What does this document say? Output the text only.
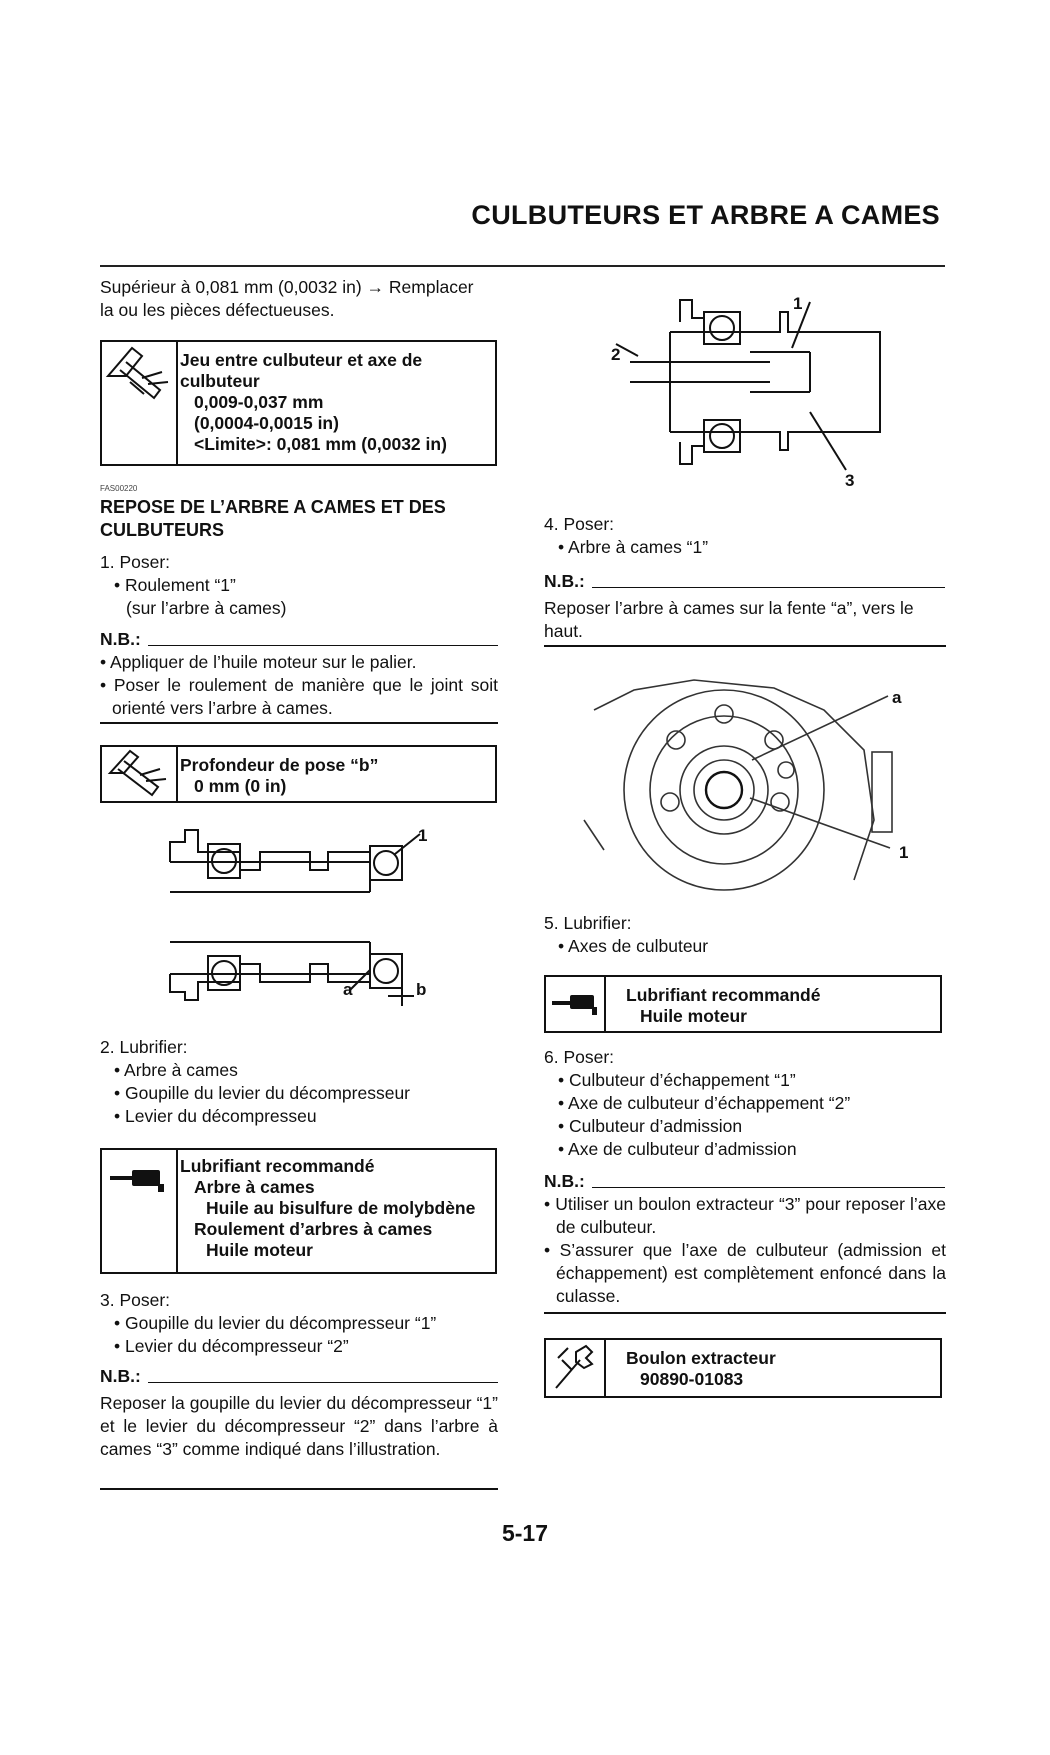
CULBUTEURS ET ARBRE A CAMES

Supérieur à 0,081 mm (0,0032 in) → Remplacer

la ou les pièces défectueuses.

Jeu entre culbuteur et axe de

culbuteur

0,009-0,037 mm

(0,0004-0,0015 in)

<Limite>: 0,081 mm (0,0032 in)

FAS00220

REPOSE DE L’ARBRE A CAMES ET DES

CULBUTEURS

1. Poser:

• Roulement “1”

(sur l’arbre à cames)

N.B.:

• Appliquer de l’huile moteur sur le palier.

• Poser le roulement de manière que le joint soit orienté vers l’arbre à cames.

Profondeur de pose “b”

0 mm (0 in)

1
a	b

2. Lubrifier:

• Arbre à cames

• Goupille du levier du décompresseur

• Levier du décompresseu

Lubrifiant recommandé

Arbre à cames

Huile au bisulfure de molybdène

Roulement d’arbres à cames

Huile moteur

3. Poser:

• Goupille du levier du décompresseur “1”

• Levier du décompresseur “2”

N.B.:
Reposer la goupille du levier du décompresseur “1” et le levier du décompresseur “2” dans l’arbre à cames “3” comme indiqué dans l’illustration.
1
2
3

4. Poser:

• Arbre à cames “1”

N.B.:
Reposer l’arbre à cames sur la fente “a”, vers le haut.
a
1

5. Lubrifier:

• Axes de culbuteur

Lubrifiant recommandé

Huile moteur

6. Poser:

• Culbuteur d’échappement “1”

• Axe de culbuteur d’échappement “2”

• Culbuteur d’admission

• Axe de culbuteur d’admission

N.B.:

• Utiliser un boulon extracteur “3” pour reposer l’axe de culbuteur.

• S’assurer que l’axe de culbuteur (admission et échappement) est complètement enfoncé dans la culasse.

Boulon extracteur

90890-01083

5-17
